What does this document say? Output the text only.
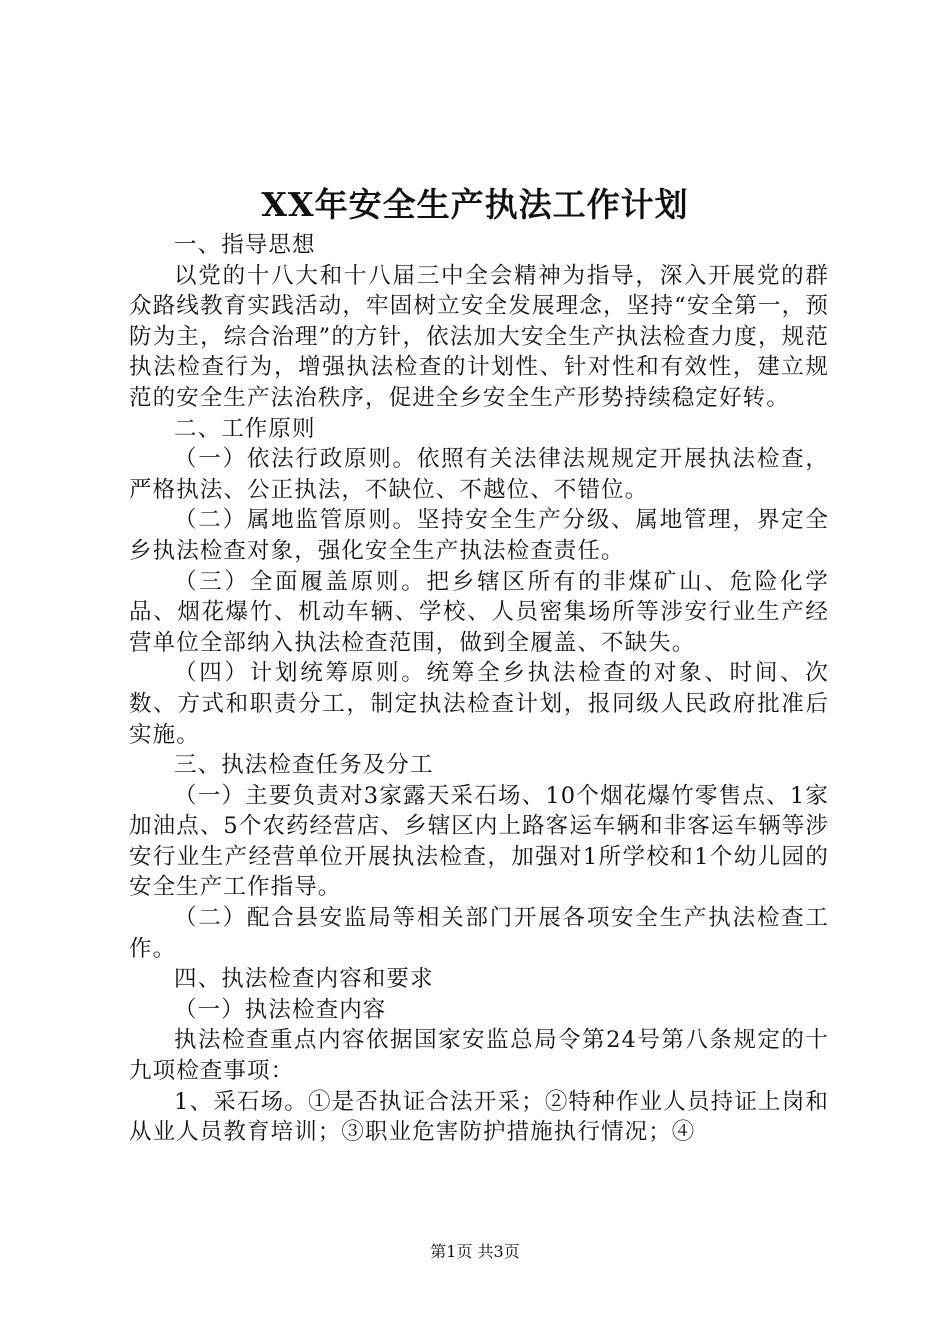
XX年安全生产执法工作计划

一、指导思想

以党的十八大和十八届三中全会精神为指导，深入开展党的群众路线教育实践活动，牢固树立安全发展理念，坚持“安全第一，预防为主，综合治理”的方针，依法加大安全生产执法检查力度，规范执法检查行为，增强执法检查的计划性、针对性和有效性，建立规范的安全生产法治秩序，促进全乡安全生产形势持续稳定好转。

二、工作原则

（一）依法行政原则。依照有关法律法规规定开展执法检查，严格执法、公正执法，不缺位、不越位、不错位。

（二）属地监管原则。坚持安全生产分级、属地管理，界定全乡执法检查对象，强化安全生产执法检查责任。

（三）全面履盖原则。把乡辖区所有的非煤矿山、危险化学品、烟花爆竹、机动车辆、学校、人员密集场所等涉安行业生产经营单位全部纳入执法检查范围，做到全履盖、不缺失。

（四）计划统筹原则。统筹全乡执法检查的对象、时间、次数、方式和职责分工，制定执法检查计划，报同级人民政府批准后实施。

三、执法检查任务及分工

（一）主要负责对3家露天采石场、10个烟花爆竹零售点、1家加油点、5个农药经营店、乡辖区内上路客运车辆和非客运车辆等涉安行业生产经营单位开展执法检查，加强对1所学校和1个幼儿园的安全生产工作指导。

（二）配合县安监局等相关部门开展各项安全生产执法检查工作。

四、执法检查内容和要求

（一）执法检查内容

执法检查重点内容依据国家安监总局令第24号第八条规定的十九项检查事项：

1、采石场。①是否执证合法开采；②特种作业人员持证上岗和从业人员教育培训；③职业危害防护措施执行情况；④

第1页 共3页
